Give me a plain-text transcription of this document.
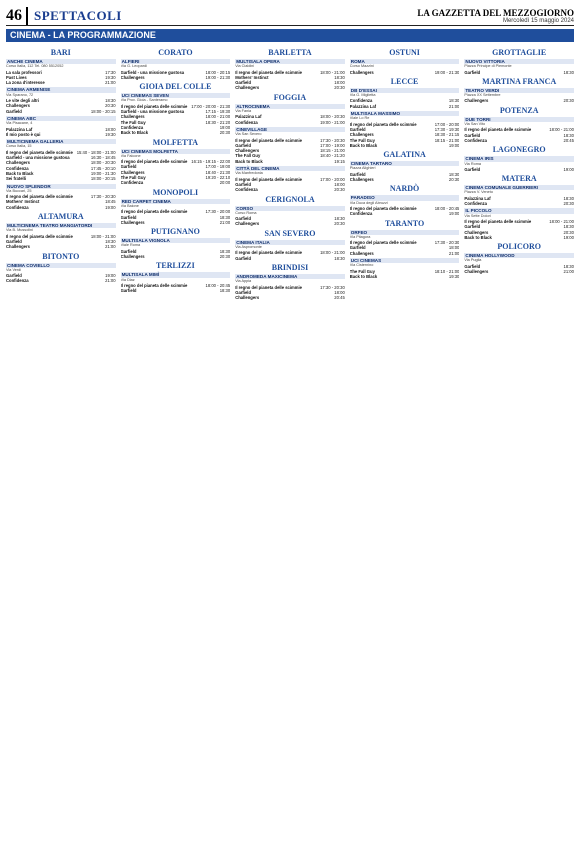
46 SPETTACOLI	LA GAZZETTA DEL MEZZOGIORNO
Mercoledì 15 maggio 2024
CINEMA - LA PROGRAMMAZIONE
BARI
ANCHE CINEMA
Corso Italia, 112 Tel. 080 5512052
La sala professori	17:30
Past Lives	19:30
La zona d'interesse	21:00
CINEMA ARMENISE
Via Sparano, 72
Le vite degli altri	18:30
Challengers	20:30
Garfield	18:00 - 20:15
CINEMA ABC
Via Pisacane, 4
Palazzina Laf	18:00
Il mio posto è qui	19:30
MULTICINEMA GALLERIA
Corso Italia, 15
Il regno del pianeta delle scimmie 15:40 - 18:00 - 21:00
Garfield - una missione gustosa	16:30 - 18:45
Challengers	18:00 - 20:30
Confidenza	17:45 - 20:10
Back to Black	19:00 - 21:30
Sei fratelli	18:00 - 20:15
NUOVO SPLENDOR
Via Buccari, 25
Il regno del pianeta delle scimmie	17:30 - 20:30
Mothers' Instinct	18:45
Confidenza	19:00
ALTAMURA
MULTICINEMA TEATRO MANGIATORDI
Via B. Mussolini
Il regno del pianeta delle scimmie	18:00 - 21:00
Garfield	18:30
Challengers	21:00
BITONTO
CINEMA COVIELLO
Via Verdi
Garfield	19:00
Confidenza	21:00
CORATO
ALFIERI
Via G. Leopardi
Garfield - una missione gustosa	18:00 - 20:15
Challengers	19:00 - 21:30
GIOIA DEL COLLE
UCI CINEMAS SEVEN
Via Prov. Gioia - Santeramo
Il regno del pianeta delle scimmie 17:00 - 20:00 - 21:30
Garfield - una missione gustosa	17:15 - 19:30
Challengers	18:00 - 21:00
The Fall Guy	18:30 - 21:20
Confidenza	19:00
Back to Black	20:30
MOLFETTA
UCI CINEMAS MOLFETTA
Via Falcone
Il regno del pianeta delle scimmie 16:15 - 19:15 - 22:00
Garfield	17:00 - 19:00
Challengers	18:40 - 21:30
The Fall Guy	19:20 - 22:10
Confidenza	20:00
MONOPOLI
RED CARPET CINEMA
Via Baione
Il regno del pianeta delle scimmie	17:30 - 20:00
Garfield	18:30
Challengers	21:00
PUTIGNANO
MULTISALA VIGNOLA
Viale Roma
Garfield	18:30
Challengers	20:30
TERLIZZI
MULTISALA MIMÌ
Via Diaz
Il regno del pianeta delle scimmie	18:00 - 20:45
Garfield	18:30
BARLETTA
MULTISALA OPERA
Via Cialdini
Il regno del pianeta delle scimmie	18:00 - 21:00
Mothers' Instinct	18:30
Garfield	18:00
Challengers	20:30
FOGGIA
ALTROCINEMA
Via Fania
Palazzina Laf	18:00 - 20:30
Confidenza	19:00 - 21:00
CINEVILLAGE
Via San Severo
Il regno del pianeta delle scimmie	17:30 - 20:30
Garfield	17:00 - 19:00
Challengers	18:15 - 21:00
The Fall Guy	18:40 - 21:20
Back to Black	19:15
CITTÀ DEL CINEMA
Via Manfredonia
Il regno del pianeta delle scimmie	17:00 - 20:00
Garfield	18:00
Confidenza	20:30
CERIGNOLA
CORSO
Corso Roma
Garfield	18:30
Challengers	20:30
SAN SEVERO
CINEMA ITALIA
Via Aspromonte
Il regno del pianeta delle scimmie	18:00 - 21:00
Garfield	18:30
BRINDISI
ANDROMEDA MAXICINEMA
Via Appia
Il regno del pianeta delle scimmie	17:30 - 20:30
Garfield	18:00
Challengers	20:45
OSTUNI
ROMA
Corso Mazzini
Challengers	19:00 - 21:30
LECCE
DB D'ESSAI
Via G. Miglietta
Confidenza	18:30
Palazzina Laf	21:00
MULTISALA MASSIMO
Viale Lo Re
Il regno del pianeta delle scimmie	17:00 - 20:00
Garfield	17:30 - 19:30
Challengers	18:30 - 21:15
The Fall Guy	18:15 - 21:00
Back to Black	19:00
GALATINA
CINEMA TARTARO
Piazza Alighieri
Garfield	18:30
Challengers	20:30
NARDÒ
PARADISO
Via Duca degli Abruzzi
Il regno del pianeta delle scimmie	18:00 - 20:45
Confidenza	19:00
TARANTO
ORFEO
Via Pitagora
Il regno del pianeta delle scimmie	17:30 - 20:30
Garfield	18:00
Challengers	21:00
UCI CINEMAS
Via Cisternino
The Fall Guy	18:10 - 21:00
Back to Black	19:30
GROTTAGLIE
NUOVO VITTORIA
Piazza Principe di Piemonte
Garfield	18:30
MARTINA FRANCA
TEATRO VERDI
Piazza XX Settembre
Challengers	20:30
POTENZA
DUE TORRI
Via San Vito
Il regno del pianeta delle scimmie	18:00 - 21:00
Garfield	18:30
Confidenza	20:45
LAGONEGRO
CINEMA IRIS
Via Roma
Garfield	19:00
MATERA
CINEMA COMUNALE GUERRIERI
Piazza V. Veneto
Palazzina Laf	18:30
Confidenza	20:30
IL PICCOLO
Via Sette Dolori
Il regno del pianeta delle scimmie	18:00 - 21:00
Garfield	18:30
Challengers	20:30
Back to Black	19:00
POLICORO
CINEMA HOLLYWOOD
Via Puglia
Garfield	18:30
Challengers	21:00
